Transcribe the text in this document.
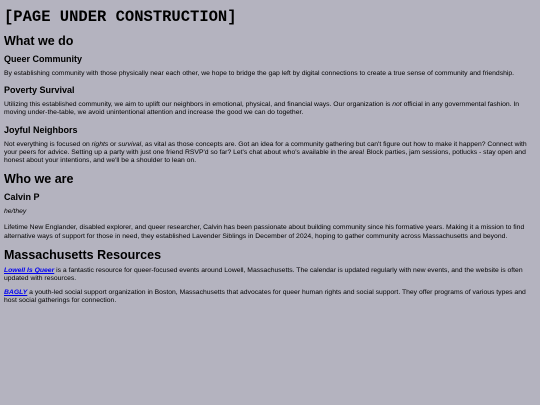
[PAGE UNDER CONSTRUCTION]
What we do
Queer Community

By establishing community with those physically near each other, we hope to bridge the gap left by digital connections to create a true sense of community and friendship.

Poverty Survival

Utilizing this established community, we aim to uplift our neighbors in emotional, physical, and financial ways. Our organization is not official in any governmental fashion. In moving under-the-table, we avoid unintentional attention and increase the good we can do together.

Joyful Neighbors

Not everything is focused on rights or survival, as vital as those concepts are. Got an idea for a community gathering but can't figure out how to make it happen? Connect with your peers for advice. Setting up a party with just one friend RSVP'd so far? Let's chat about who's available in the area! Block parties, jam sessions, potlucks - stay open and honest about your intentions, and we'll be a shoulder to lean on.

Who we are
Calvin P

he/they

Lifetime New Englander, disabled explorer, and queer researcher, Calvin has been passionate about building community since his formative years. Making it a mission to find alternative ways of support for those in need, they established Lavender Siblings in December of 2024, hoping to gather community across Massachusetts and beyond.

Massachusetts Resources

Lowell Is Queer is a fantastic resource for queer-focused events around Lowell, Massachusetts. The calendar is updated regularly with new events, and the website is often updated with resources.

BAGLY a youth-led social support organization in Boston, Massachusetts that advocates for queer human rights and social support. They offer programs of various types and host social gatherings for connection.
